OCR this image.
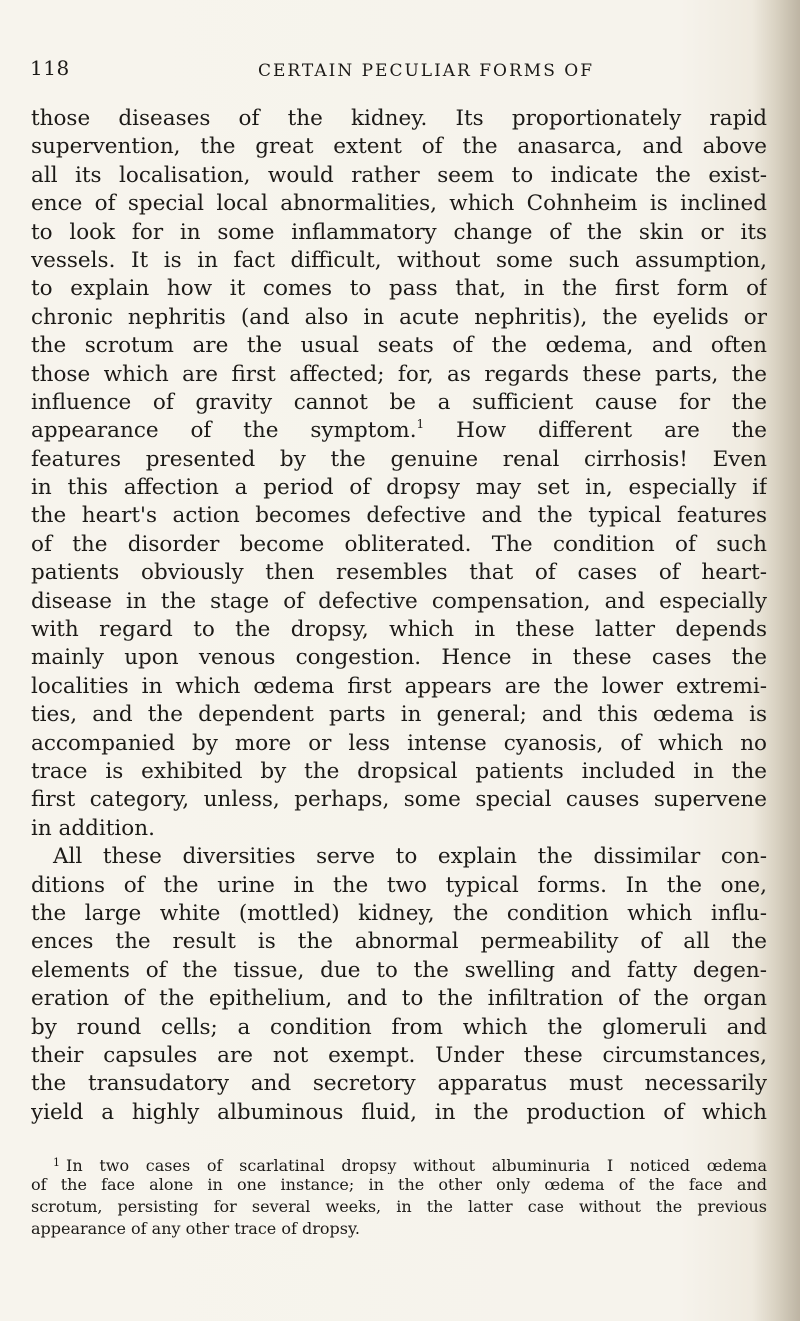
118	CERTAIN PECULIAR FORMS OF
those diseases of the kidney. Its proportionately rapid
supervention, the great extent of the anasarca, and above
all its localisation, would rather seem to indicate the exist-
ence of special local abnormalities, which Cohnheim is inclined
to look for in some inflammatory change of the skin or its
vessels. It is in fact difficult, without some such assumption,
to explain how it comes to pass that, in the first form of
chronic nephritis (and also in acute nephritis), the eyelids or
the scrotum are the usual seats of the œdema, and often
those which are first affected; for, as regards these parts, the
influence of gravity cannot be a sufficient cause for the
appearance of the symptom.$^1$ How different are the
features presented by the genuine renal cirrhosis! Even
in this affection a period of dropsy may set in, especially if
the heart's action becomes defective and the typical features
of the disorder become obliterated. The condition of such
patients obviously then resembles that of cases of heart-
disease in the stage of defective compensation, and especially
with regard to the dropsy, which in these latter depends
mainly upon venous congestion. Hence in these cases the
localities in which œdema first appears are the lower extremi-
ties, and the dependent parts in general; and this œdema is
accompanied by more or less intense cyanosis, of which no
trace is exhibited by the dropsical patients included in the
first category, unless, perhaps, some special causes supervene
in addition.
All these diversities serve to explain the dissimilar con-
ditions of the urine in the two typical forms. In the one,
the large white (mottled) kidney, the condition which influ-
ences the result is the abnormal permeability of all the
elements of the tissue, due to the swelling and fatty degen-
eration of the epithelium, and to the infiltration of the organ
by round cells; a condition from which the glomeruli and
their capsules are not exempt. Under these circumstances,
the transudatory and secretory apparatus must necessarily
yield a highly albuminous fluid, in the production of which
$^1$ In two cases of scarlatinal dropsy without albuminuria I noticed œdema
of the face alone in one instance; in the other only œdema of the face and
scrotum, persisting for several weeks, in the latter case without the previous
appearance of any other trace of dropsy.
